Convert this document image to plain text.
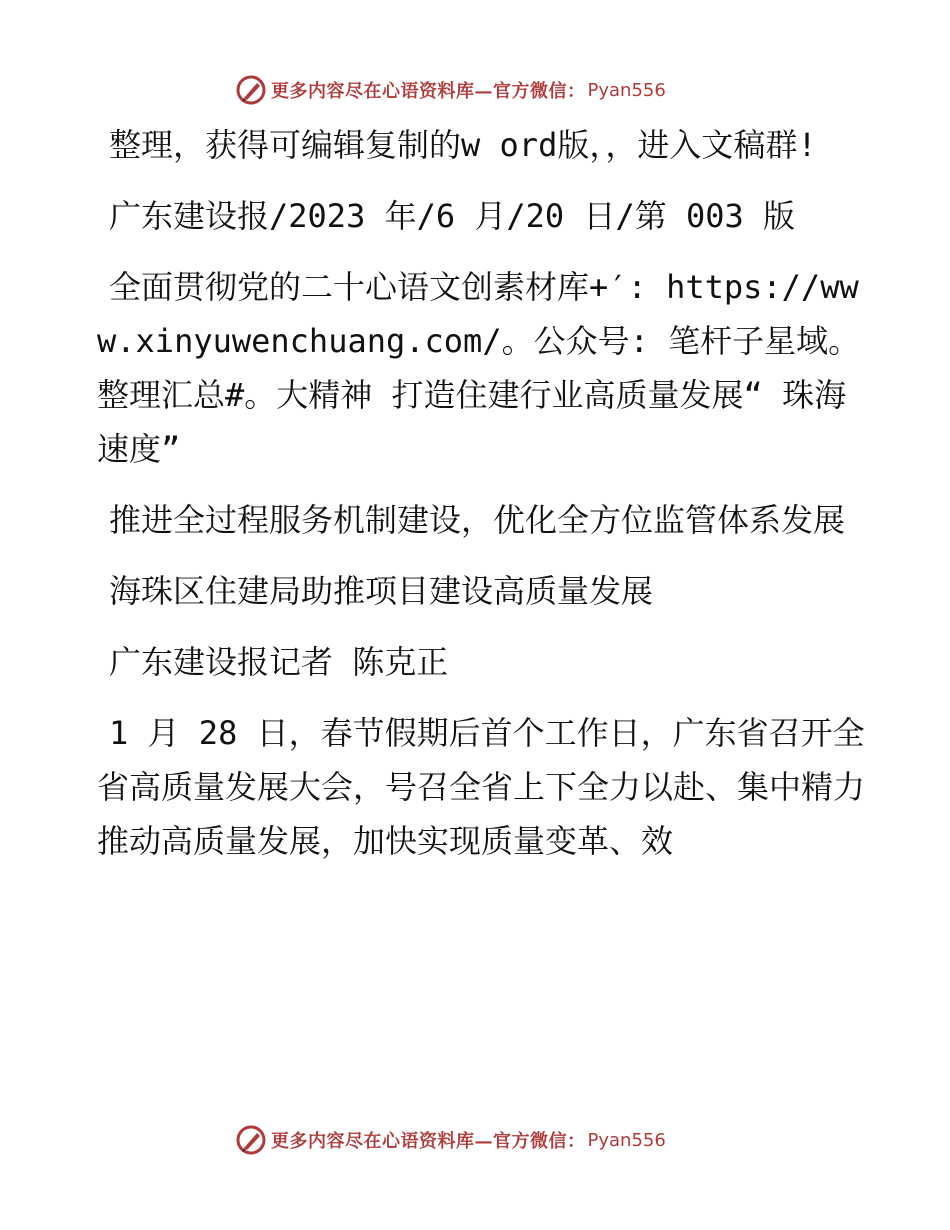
更多内容尽在心语资料库—官方微信： Pyan556

整理，获得可编辑复制的w ord版，，进入文稿群!

广东建设报/2023 年/6 月/20 日/第 003 版

全面贯彻党的二十心语文创素材库+′: https://www.xinyuwenchuang.com/。公众号: 笔杆子星域。整理汇总#。大精神 打造住建行业高质量发展“ 珠海速度”

推进全过程服务机制建设，优化全方位监管体系发展

海珠区住建局助推项目建设高质量发展

广东建设报记者 陈克正

1 月 28 日，春节假期后首个工作日，广东省召开全省高质量发展大会，号召全省上下全力以赴、集中精力推动高质量发展，加快实现质量变革、效

更多内容尽在心语资料库—官方微信： Pyan556
